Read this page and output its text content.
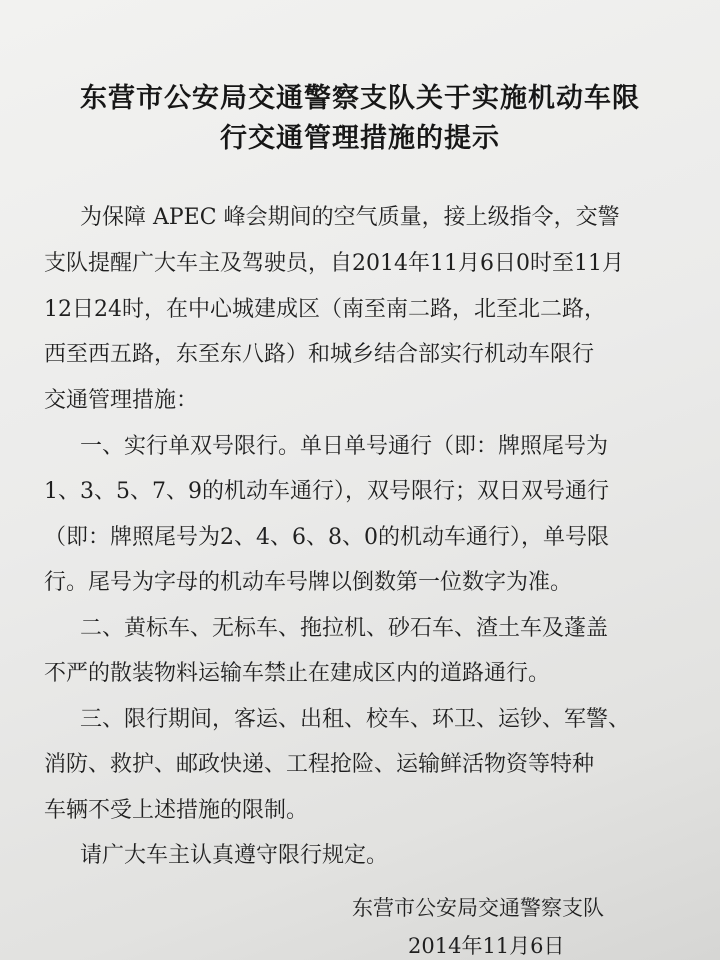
东营市公安局交通警察支队关于实施机动车限
行交通管理措施的提示
为保障 APEC 峰会期间的空气质量，接上级指令，交警
支队提醒广大车主及驾驶员，自2014年11月6日0时至11月
12日24时，在中心城建成区（南至南二路，北至北二路，
西至西五路，东至东八路）和城乡结合部实行机动车限行
交通管理措施：
一、实行单双号限行。单日单号通行（即：牌照尾号为
1、3、5、7、9的机动车通行），双号限行；双日双号通行
（即：牌照尾号为2、4、6、8、0的机动车通行），单号限
行。尾号为字母的机动车号牌以倒数第一位数字为准。
二、黄标车、无标车、拖拉机、砂石车、渣土车及蓬盖
不严的散装物料运输车禁止在建成区内的道路通行。
三、限行期间，客运、出租、校车、环卫、运钞、军警、
消防、救护、邮政快递、工程抢险、运输鲜活物资等特种
车辆不受上述措施的限制。
请广大车主认真遵守限行规定。
东营市公安局交通警察支队
2014年11月6日
